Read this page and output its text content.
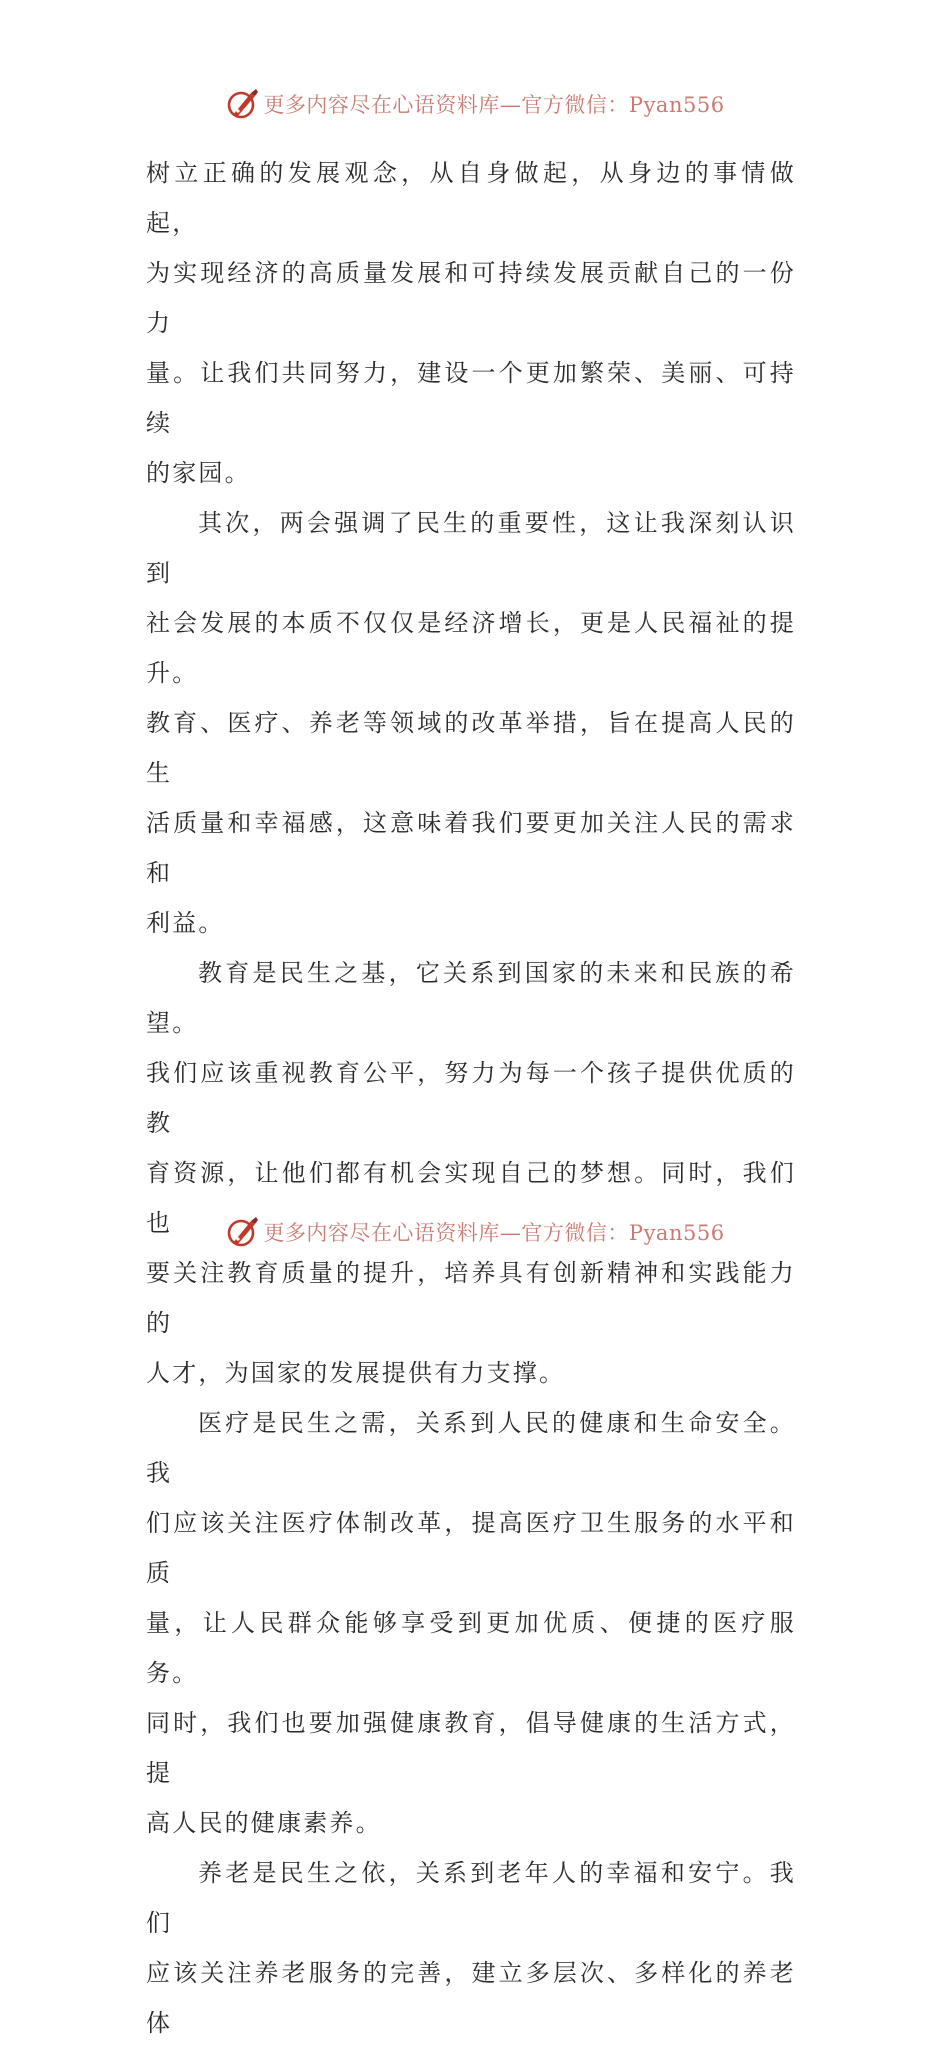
更多内容尽在心语资料库—官方微信：Pyan556

树立正确的发展观念，从自身做起，从身边的事情做起，
为实现经济的高质量发展和可持续发展贡献自己的一份力
量。让我们共同努力，建设一个更加繁荣、美丽、可持续
的家园。

其次，两会强调了民生的重要性，这让我深刻认识到
社会发展的本质不仅仅是经济增长，更是人民福祉的提升。
教育、医疗、养老等领域的改革举措，旨在提高人民的生
活质量和幸福感，这意味着我们要更加关注人民的需求和
利益。

教育是民生之基，它关系到国家的未来和民族的希望。
我们应该重视教育公平，努力为每一个孩子提供优质的教
育资源，让他们都有机会实现自己的梦想。同时，我们也
要关注教育质量的提升，培养具有创新精神和实践能力的
人才，为国家的发展提供有力支撑。

医疗是民生之需，关系到人民的健康和生命安全。我
们应该关注医疗体制改革，提高医疗卫生服务的水平和质
量，让人民群众能够享受到更加优质、便捷的医疗服务。
同时，我们也要加强健康教育，倡导健康的生活方式，提
高人民的健康素养。

养老是民生之依，关系到老年人的幸福和安宁。我们
应该关注养老服务的完善，建立多层次、多样化的养老体

更多内容尽在心语资料库—官方微信：Pyan556
